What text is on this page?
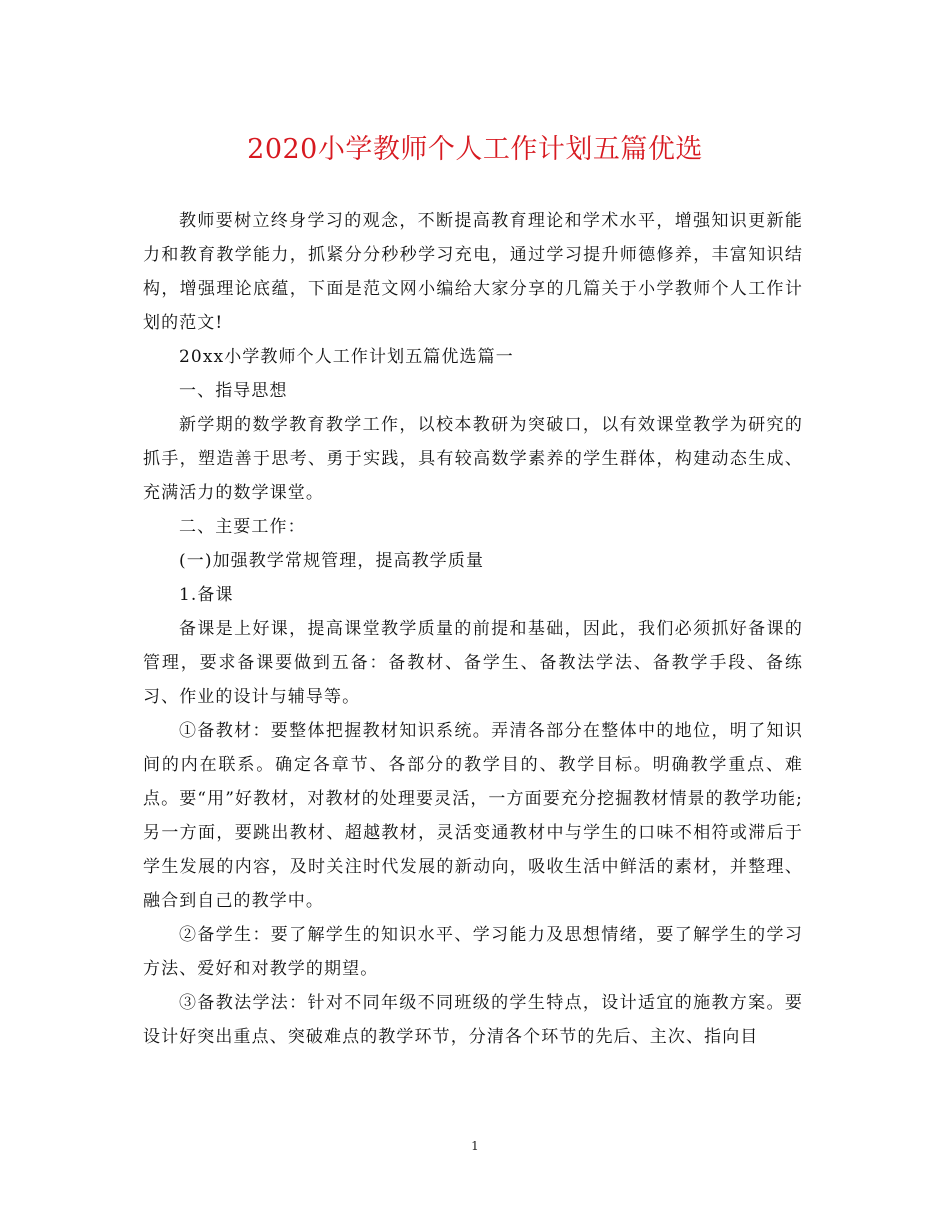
2020小学教师个人工作计划五篇优选

教师要树立终身学习的观念，不断提高教育理论和学术水平，增强知识更新能力和教育教学能力，抓紧分分秒秒学习充电，通过学习提升师德修养，丰富知识结构，增强理论底蕴，下面是范文网小编给大家分享的几篇关于小学教师个人工作计划的范文!

20xx小学教师个人工作计划五篇优选篇一

一、指导思想

新学期的数学教育教学工作，以校本教研为突破口，以有效课堂教学为研究的抓手，塑造善于思考、勇于实践，具有较高数学素养的学生群体，构建动态生成、充满活力的数学课堂。

二、主要工作：

(一)加强教学常规管理，提高教学质量

1.备课

备课是上好课，提高课堂教学质量的前提和基础，因此，我们必须抓好备课的管理，要求备课要做到五备：备教材、备学生、备教法学法、备教学手段、备练习、作业的设计与辅导等。

①备教材：要整体把握教材知识系统。弄清各部分在整体中的地位，明了知识间的内在联系。确定各章节、各部分的教学目的、教学目标。明确教学重点、难点。要“用”好教材，对教材的处理要灵活，一方面要充分挖掘教材情景的教学功能;另一方面，要跳出教材、超越教材，灵活变通教材中与学生的口味不相符或滞后于学生发展的内容，及时关注时代发展的新动向，吸收生活中鲜活的素材，并整理、融合到自己的教学中。

②备学生：要了解学生的知识水平、学习能力及思想情绪，要了解学生的学习方法、爱好和对教学的期望。

③备教法学法：针对不同年级不同班级的学生特点，设计适宜的施教方案。要设计好突出重点、突破难点的教学环节，分清各个环节的先后、主次、指向目

1
